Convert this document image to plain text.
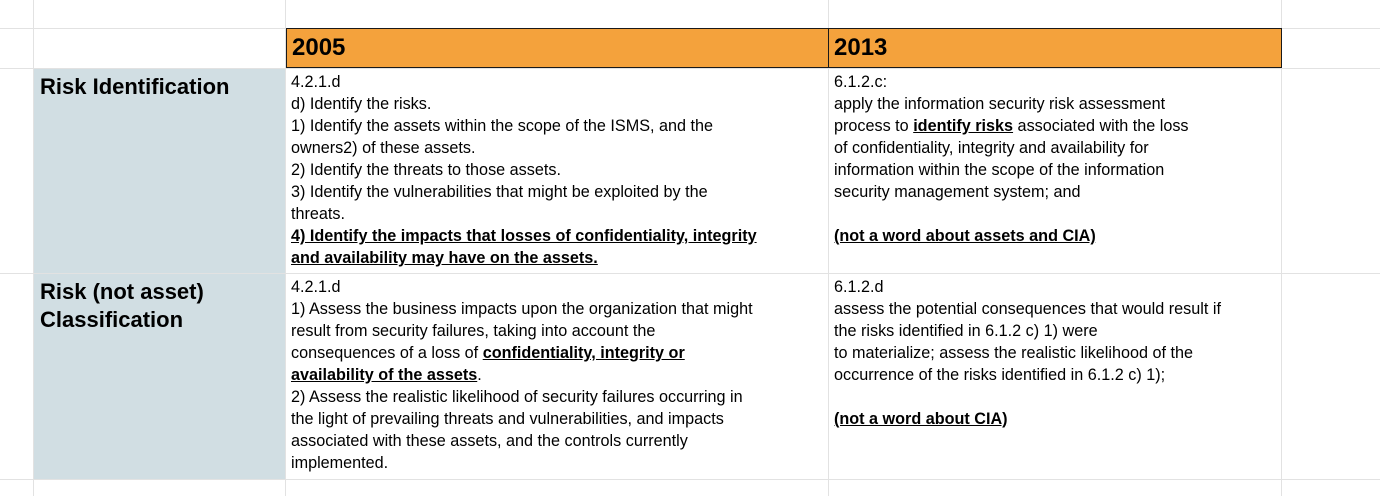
2005	2013
Risk Identification	4.2.1.d
d) Identify the risks.
1) Identify the assets within the scope of the ISMS, and the
owners2) of these assets.
2) Identify the threats to those assets.
3) Identify the vulnerabilities that might be exploited by the
threats.
4) Identify the impacts that losses of confidentiality, integrity
and availability may have on the assets.
6.1.2.c:
apply the information security risk assessment
process to identify risks associated with the loss
of confidentiality, integrity and availability for
information within the scope of the information
security management system; and
(not a word about assets and CIA)
Risk (not asset)
Classification
4.2.1.d
1) Assess the business impacts upon the organization that might
result from security failures, taking into account the
consequences of a loss of confidentiality, integrity or
availability of the assets.
2) Assess the realistic likelihood of security failures occurring in
the light of prevailing threats and vulnerabilities, and impacts
associated with these assets, and the controls currently
implemented.
6.1.2.d
assess the potential consequences that would result if
the risks identified in 6.1.2 c) 1) were
to materialize; assess the realistic likelihood of the
occurrence of the risks identified in 6.1.2 c) 1);
(not a word about CIA)
